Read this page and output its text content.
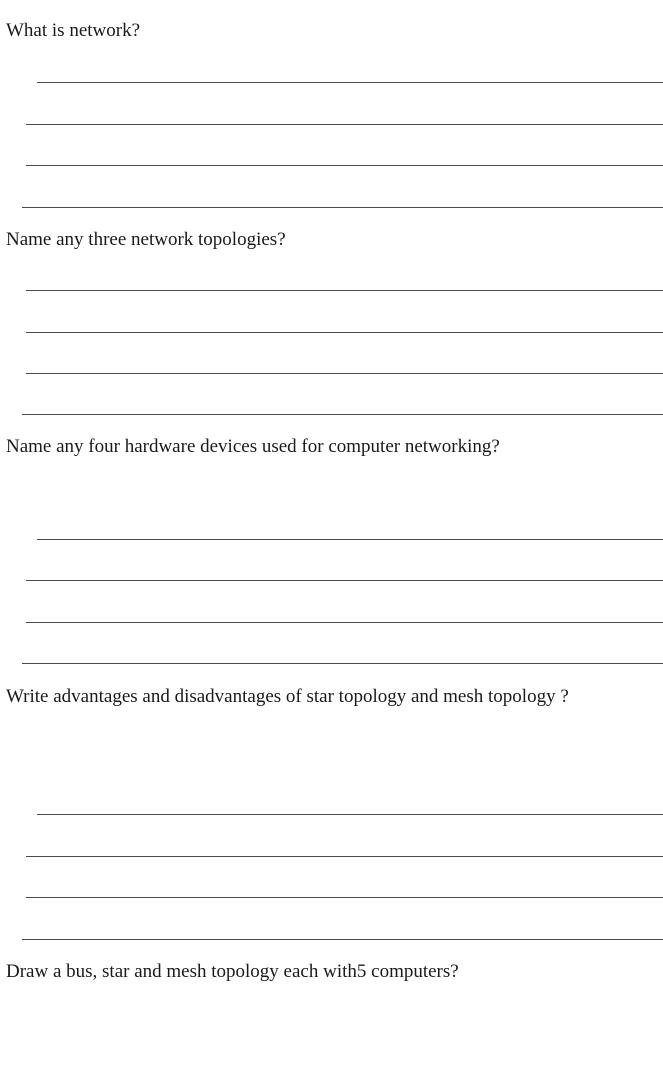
What is network?

Name any three network topologies?

Name any four hardware devices used for computer networking?

Write advantages and disadvantages of star topology and mesh topology ?

Draw a bus, star and mesh topology each with5 computers?
